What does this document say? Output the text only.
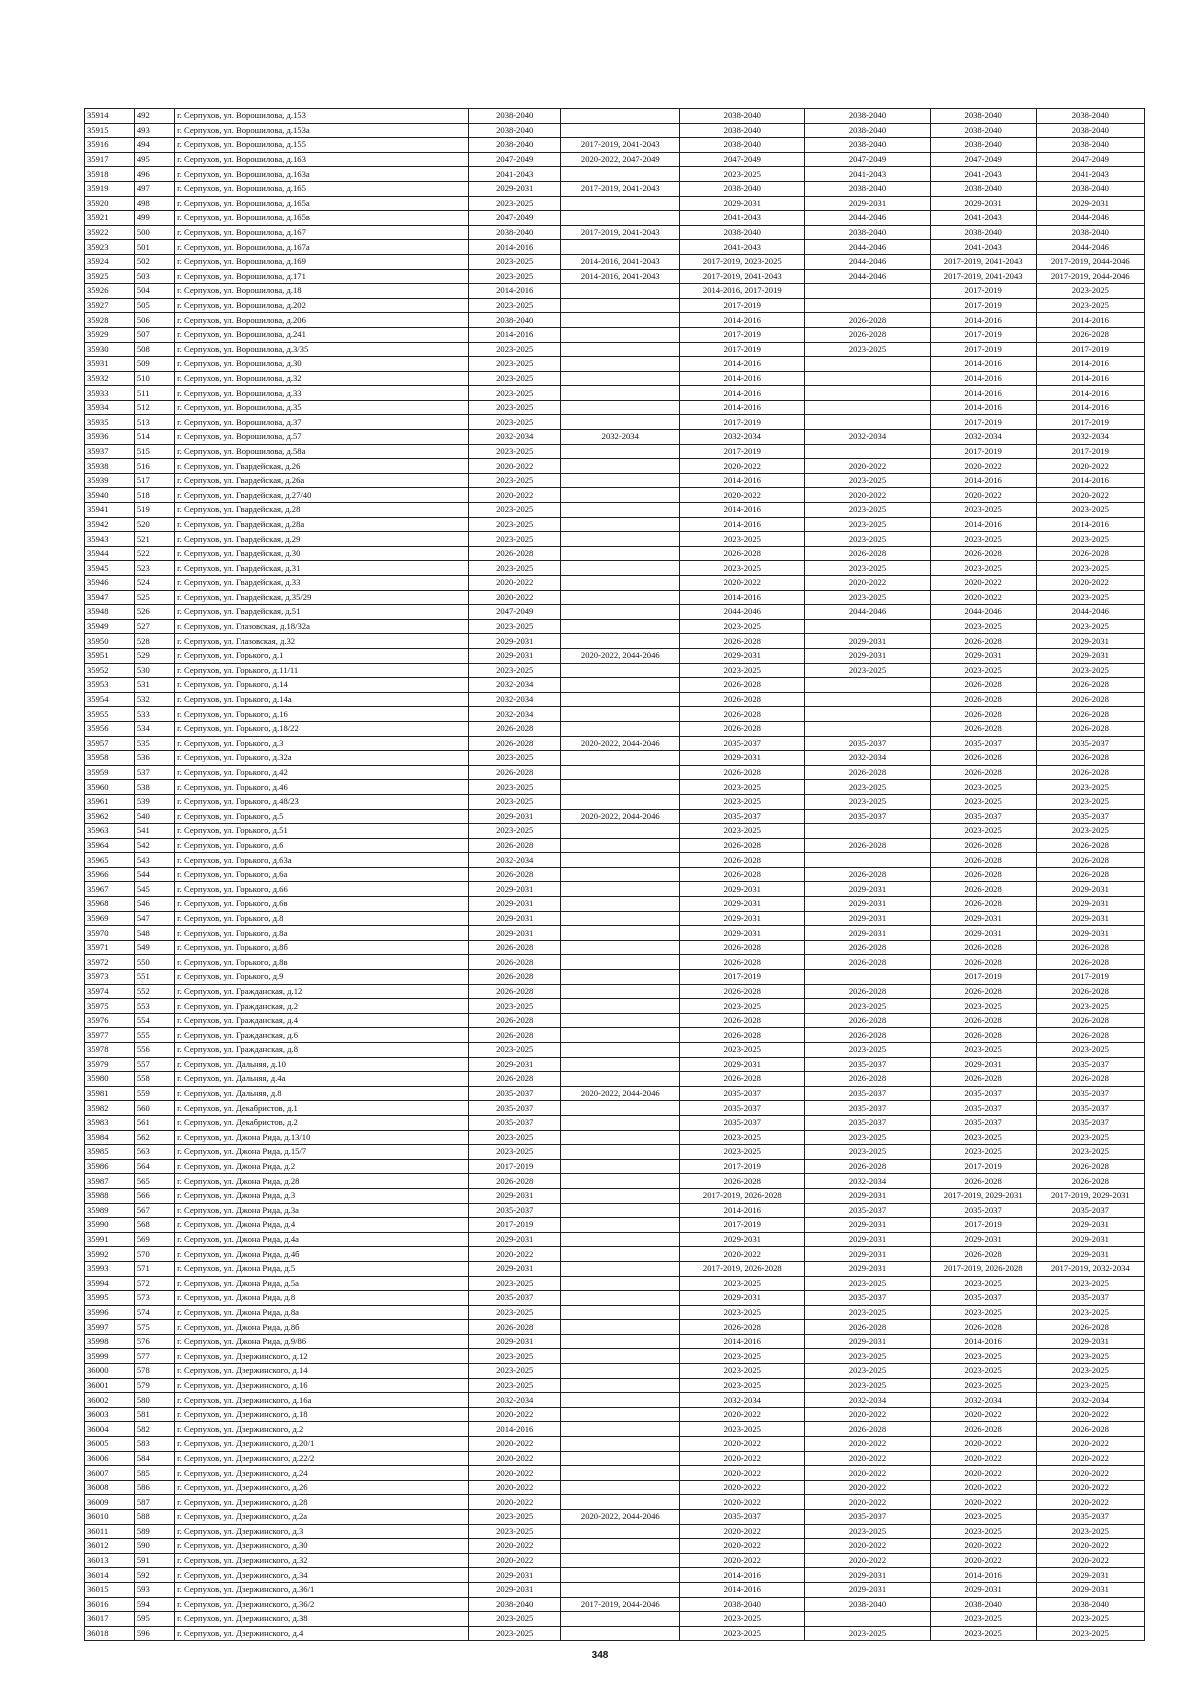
35914	492	г. Серпухов, ул. Ворошилова, д.153	2038-2040		2038-2040	2038-2040	2038-2040	2038-2040
35915	493	г. Серпухов, ул. Ворошилова, д.153а	2038-2040		2038-2040	2038-2040	2038-2040	2038-2040
35916	494	г. Серпухов, ул. Ворошилова, д.155	2038-2040	2017-2019, 2041-2043	2038-2040	2038-2040	2038-2040	2038-2040
35917	495	г. Серпухов, ул. Ворошилова, д.163	2047-2049	2020-2022, 2047-2049	2047-2049	2047-2049	2047-2049	2047-2049
35918	496	г. Серпухов, ул. Ворошилова, д.163а	2041-2043		2023-2025	2041-2043	2041-2043	2041-2043
35919	497	г. Серпухов, ул. Ворошилова, д.165	2029-2031	2017-2019, 2041-2043	2038-2040	2038-2040	2038-2040	2038-2040
35920	498	г. Серпухов, ул. Ворошилова, д.165а	2023-2025		2029-2031	2029-2031	2029-2031	2029-2031
35921	499	г. Серпухов, ул. Ворошилова, д.165в	2047-2049		2041-2043	2044-2046	2041-2043	2044-2046
35922	500	г. Серпухов, ул. Ворошилова, д.167	2038-2040	2017-2019, 2041-2043	2038-2040	2038-2040	2038-2040	2038-2040
35923	501	г. Серпухов, ул. Ворошилова, д.167а	2014-2016		2041-2043	2044-2046	2041-2043	2044-2046
35924	502	г. Серпухов, ул. Ворошилова, д.169	2023-2025	2014-2016, 2041-2043	2017-2019, 2023-2025	2044-2046	2017-2019, 2041-2043	2017-2019, 2044-2046
35925	503	г. Серпухов, ул. Ворошилова, д.171	2023-2025	2014-2016, 2041-2043	2017-2019, 2041-2043	2044-2046	2017-2019, 2041-2043	2017-2019, 2044-2046
35926	504	г. Серпухов, ул. Ворошилова, д.18	2014-2016		2014-2016, 2017-2019		2017-2019	2023-2025
35927	505	г. Серпухов, ул. Ворошилова, д.202	2023-2025		2017-2019		2017-2019	2023-2025
35928	506	г. Серпухов, ул. Ворошилова, д.206	2038-2040		2014-2016	2026-2028	2014-2016	2014-2016
35929	507	г. Серпухов, ул. Ворошилова, д.241	2014-2016		2017-2019	2026-2028	2017-2019	2026-2028
35930	508	г. Серпухов, ул. Ворошилова, д.3/35	2023-2025		2017-2019	2023-2025	2017-2019	2017-2019
35931	509	г. Серпухов, ул. Ворошилова, д.30	2023-2025		2014-2016		2014-2016	2014-2016
35932	510	г. Серпухов, ул. Ворошилова, д.32	2023-2025		2014-2016		2014-2016	2014-2016
35933	511	г. Серпухов, ул. Ворошилова, д.33	2023-2025		2014-2016		2014-2016	2014-2016
35934	512	г. Серпухов, ул. Ворошилова, д.35	2023-2025		2014-2016		2014-2016	2014-2016
35935	513	г. Серпухов, ул. Ворошилова, д.37	2023-2025		2017-2019		2017-2019	2017-2019
35936	514	г. Серпухов, ул. Ворошилова, д.57	2032-2034	2032-2034	2032-2034	2032-2034	2032-2034	2032-2034
35937	515	г. Серпухов, ул. Ворошилова, д.58а	2023-2025		2017-2019		2017-2019	2017-2019
35938	516	г. Серпухов, ул. Гвардейская, д.26	2020-2022		2020-2022	2020-2022	2020-2022	2020-2022
35939	517	г. Серпухов, ул. Гвардейская, д.26а	2023-2025		2014-2016	2023-2025	2014-2016	2014-2016
35940	518	г. Серпухов, ул. Гвардейская, д.27/40	2020-2022		2020-2022	2020-2022	2020-2022	2020-2022
35941	519	г. Серпухов, ул. Гвардейская, д.28	2023-2025		2014-2016	2023-2025	2023-2025	2023-2025
35942	520	г. Серпухов, ул. Гвардейская, д.28а	2023-2025		2014-2016	2023-2025	2014-2016	2014-2016
35943	521	г. Серпухов, ул. Гвардейская, д.29	2023-2025		2023-2025	2023-2025	2023-2025	2023-2025
35944	522	г. Серпухов, ул. Гвардейская, д.30	2026-2028		2026-2028	2026-2028	2026-2028	2026-2028
35945	523	г. Серпухов, ул. Гвардейская, д.31	2023-2025		2023-2025	2023-2025	2023-2025	2023-2025
35946	524	г. Серпухов, ул. Гвардейская, д.33	2020-2022		2020-2022	2020-2022	2020-2022	2020-2022
35947	525	г. Серпухов, ул. Гвардейская, д.35/29	2020-2022		2014-2016	2023-2025	2020-2022	2023-2025
35948	526	г. Серпухов, ул. Гвардейская, д.51	2047-2049		2044-2046	2044-2046	2044-2046	2044-2046
35949	527	г. Серпухов, ул. Глазовская, д.18/32а	2023-2025		2023-2025		2023-2025	2023-2025
35950	528	г. Серпухов, ул. Глазовская, д.32	2029-2031		2026-2028	2029-2031	2026-2028	2029-2031
35951	529	г. Серпухов, ул. Горького, д.1	2029-2031	2020-2022, 2044-2046	2029-2031	2029-2031	2029-2031	2029-2031
35952	530	г. Серпухов, ул. Горького, д.11/11	2023-2025		2023-2025	2023-2025	2023-2025	2023-2025
35953	531	г. Серпухов, ул. Горького, д.14	2032-2034		2026-2028		2026-2028	2026-2028
35954	532	г. Серпухов, ул. Горького, д.14а	2032-2034		2026-2028		2026-2028	2026-2028
35955	533	г. Серпухов, ул. Горького, д.16	2032-2034		2026-2028		2026-2028	2026-2028
35956	534	г. Серпухов, ул. Горького, д.18/22	2026-2028		2026-2028		2026-2028	2026-2028
35957	535	г. Серпухов, ул. Горького, д.3	2026-2028	2020-2022, 2044-2046	2035-2037	2035-2037	2035-2037	2035-2037
35958	536	г. Серпухов, ул. Горького, д.32а	2023-2025		2029-2031	2032-2034	2026-2028	2026-2028
35959	537	г. Серпухов, ул. Горького, д.42	2026-2028		2026-2028	2026-2028	2026-2028	2026-2028
35960	538	г. Серпухов, ул. Горького, д.46	2023-2025		2023-2025	2023-2025	2023-2025	2023-2025
35961	539	г. Серпухов, ул. Горького, д.48/23	2023-2025		2023-2025	2023-2025	2023-2025	2023-2025
35962	540	г. Серпухов, ул. Горького, д.5	2029-2031	2020-2022, 2044-2046	2035-2037	2035-2037	2035-2037	2035-2037
35963	541	г. Серпухов, ул. Горького, д.51	2023-2025		2023-2025		2023-2025	2023-2025
35964	542	г. Серпухов, ул. Горького, д.6	2026-2028		2026-2028	2026-2028	2026-2028	2026-2028
35965	543	г. Серпухов, ул. Горького, д.63а	2032-2034		2026-2028		2026-2028	2026-2028
35966	544	г. Серпухов, ул. Горького, д.6а	2026-2028		2026-2028	2026-2028	2026-2028	2026-2028
35967	545	г. Серпухов, ул. Горького, д.66	2029-2031		2029-2031	2029-2031	2026-2028	2029-2031
35968	546	г. Серпухов, ул. Горького, д.6в	2029-2031		2029-2031	2029-2031	2026-2028	2029-2031
35969	547	г. Серпухов, ул. Горького, д.8	2029-2031		2029-2031	2029-2031	2029-2031	2029-2031
35970	548	г. Серпухов, ул. Горького, д.8а	2029-2031		2029-2031	2029-2031	2029-2031	2029-2031
35971	549	г. Серпухов, ул. Горького, д.8б	2026-2028		2026-2028	2026-2028	2026-2028	2026-2028
35972	550	г. Серпухов, ул. Горького, д.8в	2026-2028		2026-2028	2026-2028	2026-2028	2026-2028
35973	551	г. Серпухов, ул. Горького, д.9	2026-2028		2017-2019		2017-2019	2017-2019
35974	552	г. Серпухов, ул. Гражданская, д.12	2026-2028		2026-2028	2026-2028	2026-2028	2026-2028
35975	553	г. Серпухов, ул. Гражданская, д.2	2023-2025		2023-2025	2023-2025	2023-2025	2023-2025
35976	554	г. Серпухов, ул. Гражданская, д.4	2026-2028		2026-2028	2026-2028	2026-2028	2026-2028
35977	555	г. Серпухов, ул. Гражданская, д.6	2026-2028		2026-2028	2026-2028	2026-2028	2026-2028
35978	556	г. Серпухов, ул. Гражданская, д.8	2023-2025		2023-2025	2023-2025	2023-2025	2023-2025
35979	557	г. Серпухов, ул. Дальняя, д.10	2029-2031		2029-2031	2035-2037	2029-2031	2035-2037
35980	558	г. Серпухов, ул. Дальняя, д.4а	2026-2028		2026-2028	2026-2028	2026-2028	2026-2028
35981	559	г. Серпухов, ул. Дальняя, д.8	2035-2037	2020-2022, 2044-2046	2035-2037	2035-2037	2035-2037	2035-2037
35982	560	г. Серпухов, ул. Декабристов, д.1	2035-2037		2035-2037	2035-2037	2035-2037	2035-2037
35983	561	г. Серпухов, ул. Декабристов, д.2	2035-2037		2035-2037	2035-2037	2035-2037	2035-2037
35984	562	г. Серпухов, ул. Джона Рида, д.13/10	2023-2025		2023-2025	2023-2025	2023-2025	2023-2025
35985	563	г. Серпухов, ул. Джона Рида, д.15/7	2023-2025		2023-2025	2023-2025	2023-2025	2023-2025
35986	564	г. Серпухов, ул. Джона Рида, д.2	2017-2019		2017-2019	2026-2028	2017-2019	2026-2028
35987	565	г. Серпухов, ул. Джона Рида, д.28	2026-2028		2026-2028	2032-2034	2026-2028	2026-2028
35988	566	г. Серпухов, ул. Джона Рида, д.3	2029-2031		2017-2019, 2026-2028	2029-2031	2017-2019, 2029-2031	2017-2019, 2029-2031
35989	567	г. Серпухов, ул. Джона Рида, д.3а	2035-2037		2014-2016	2035-2037	2035-2037	2035-2037
35990	568	г. Серпухов, ул. Джона Рида, д.4	2017-2019		2017-2019	2029-2031	2017-2019	2029-2031
35991	569	г. Серпухов, ул. Джона Рида, д.4а	2029-2031		2029-2031	2029-2031	2029-2031	2029-2031
35992	570	г. Серпухов, ул. Джона Рида, д.4б	2020-2022		2020-2022	2029-2031	2026-2028	2029-2031
35993	571	г. Серпухов, ул. Джона Рида, д.5	2029-2031		2017-2019, 2026-2028	2029-2031	2017-2019, 2026-2028	2017-2019, 2032-2034
35994	572	г. Серпухов, ул. Джона Рида, д.5а	2023-2025		2023-2025	2023-2025	2023-2025	2023-2025
35995	573	г. Серпухов, ул. Джона Рида, д.8	2035-2037		2029-2031	2035-2037	2035-2037	2035-2037
35996	574	г. Серпухов, ул. Джона Рида, д.8а	2023-2025		2023-2025	2023-2025	2023-2025	2023-2025
35997	575	г. Серпухов, ул. Джона Рида, д.8б	2026-2028		2026-2028	2026-2028	2026-2028	2026-2028
35998	576	г. Серпухов, ул. Джона Рида, д.9/86	2029-2031		2014-2016	2029-2031	2014-2016	2029-2031
35999	577	г. Серпухов, ул. Дзержинского, д.12	2023-2025		2023-2025	2023-2025	2023-2025	2023-2025
36000	578	г. Серпухов, ул. Дзержинского, д.14	2023-2025		2023-2025	2023-2025	2023-2025	2023-2025
36001	579	г. Серпухов, ул. Дзержинского, д.16	2023-2025		2023-2025	2023-2025	2023-2025	2023-2025
36002	580	г. Серпухов, ул. Дзержинского, д.16а	2032-2034		2032-2034	2032-2034	2032-2034	2032-2034
36003	581	г. Серпухов, ул. Дзержинского, д.18	2020-2022		2020-2022	2020-2022	2020-2022	2020-2022
36004	582	г. Серпухов, ул. Дзержинского, д.2	2014-2016		2023-2025	2026-2028	2026-2028	2026-2028
36005	583	г. Серпухов, ул. Дзержинского, д.20/1	2020-2022		2020-2022	2020-2022	2020-2022	2020-2022
36006	584	г. Серпухов, ул. Дзержинского, д.22/2	2020-2022		2020-2022	2020-2022	2020-2022	2020-2022
36007	585	г. Серпухов, ул. Дзержинского, д.24	2020-2022		2020-2022	2020-2022	2020-2022	2020-2022
36008	586	г. Серпухов, ул. Дзержинского, д.26	2020-2022		2020-2022	2020-2022	2020-2022	2020-2022
36009	587	г. Серпухов, ул. Дзержинского, д.28	2020-2022		2020-2022	2020-2022	2020-2022	2020-2022
36010	588	г. Серпухов, ул. Дзержинского, д.2а	2023-2025	2020-2022, 2044-2046	2035-2037	2035-2037	2023-2025	2035-2037
36011	589	г. Серпухов, ул. Дзержинского, д.3	2023-2025		2020-2022	2023-2025	2023-2025	2023-2025
36012	590	г. Серпухов, ул. Дзержинского, д.30	2020-2022		2020-2022	2020-2022	2020-2022	2020-2022
36013	591	г. Серпухов, ул. Дзержинского, д.32	2020-2022		2020-2022	2020-2022	2020-2022	2020-2022
36014	592	г. Серпухов, ул. Дзержинского, д.34	2029-2031		2014-2016	2029-2031	2014-2016	2029-2031
36015	593	г. Серпухов, ул. Дзержинского, д.36/1	2029-2031		2014-2016	2029-2031	2029-2031	2029-2031
36016	594	г. Серпухов, ул. Дзержинского, д.36/2	2038-2040	2017-2019, 2044-2046	2038-2040	2038-2040	2038-2040	2038-2040
36017	595	г. Серпухов, ул. Дзержинского, д.38	2023-2025		2023-2025		2023-2025	2023-2025
36018	596	г. Серпухов, ул. Дзержинского, д.4	2023-2025		2023-2025	2023-2025	2023-2025	2023-2025
348
